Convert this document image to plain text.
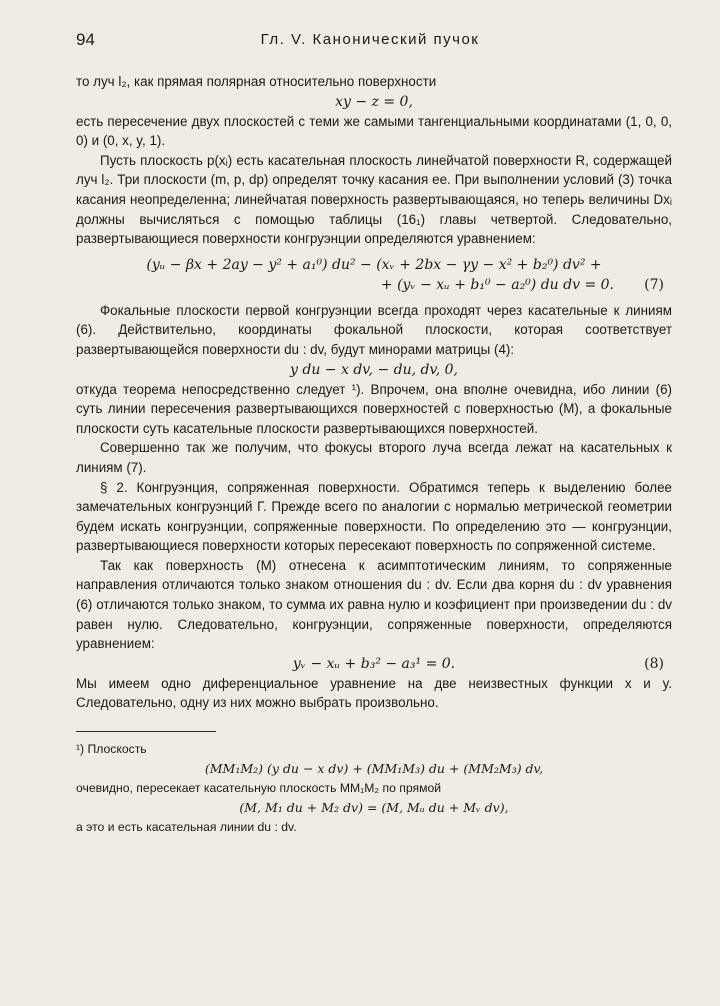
94	Гл. V. Канонический пучок

то луч l₂, как прямая полярная относительно поверхности

xy − z = 0,

есть пересечение двух плоскостей с теми же самыми тангенциальными координатами (1, 0, 0, 0) и (0, x, y, 1).

Пусть плоскость p(xᵢ) есть касательная плоскость линейчатой поверхности R, содержащей луч l₂. Три плоскости (m, p, dp) определят точку касания ее. При выполнении условий (3) точка касания неопределенна; линейчатая поверхность развертывающаяся, но теперь величины Dxᵢ должны вычисляться с помощью таблицы (16₁) главы четвертой. Следовательно, развертывающиеся поверхности конгруэнции определяются уравнением:

(yᵤ − βx + 2ay − y² + a₁⁰) du² − (xᵥ + 2bx − γy − x² + b₂⁰) dv² +

+ (yᵥ − xᵤ + b₁⁰ − a₂⁰) du dv = 0. (7)

Фокальные плоскости первой конгруэнции всегда проходят через касательные к линиям (6). Действительно, координаты фокальной плоскости, которая соответствует развертывающейся поверхности du : dv, будут минорами матрицы (4):

y du − x dv, − du, dv, 0,

откуда теорема непосредственно следует ¹). Впрочем, она вполне очевидна, ибо линии (6) суть линии пересечения развертывающихся поверхностей с поверхностью (M), а фокальные плоскости суть касательные плоскости развертывающихся поверхностей.

Совершенно так же получим, что фокусы второго луча всегда лежат на касательных к линиям (7).

§ 2. Конгруэнция, сопряженная поверхности. Обратимся теперь к выделению более замечательных конгруэнций Γ. Прежде всего по аналогии с нормалью метрической геометрии будем искать конгруэнции, сопряженные поверхности. По определению это — конгруэнции, развертывающиеся поверхности которых пересекают поверхность по сопряженной системе.

Так как поверхность (M) отнесена к асимптотическим линиям, то сопряженные направления отличаются только знаком отношения du : dv. Если два корня du : dv уравнения (6) отличаются только знаком, то сумма их равна нулю и коэфициент при произведении du : dv равен нулю. Следовательно, конгруэнции, сопряженные поверхности, определяются уравнением:

yᵥ − xᵤ + b₃² − a₃¹ = 0.	(8)

Мы имеем одно диференциальное уравнение на две неизвестных функции x и y. Следовательно, одну из них можно выбрать произвольно.

¹) Плоскость

(MM₁M₂) (y du − x dv) + (MM₁M₃) du + (MM₂M₃) dv,

очевидно, пересекает касательную плоскость MM₁M₂ по прямой

(M, M₁ du + M₂ dv) = (M, Mᵤ du + Mᵥ dv),

а это и есть касательная линии du : dv.
